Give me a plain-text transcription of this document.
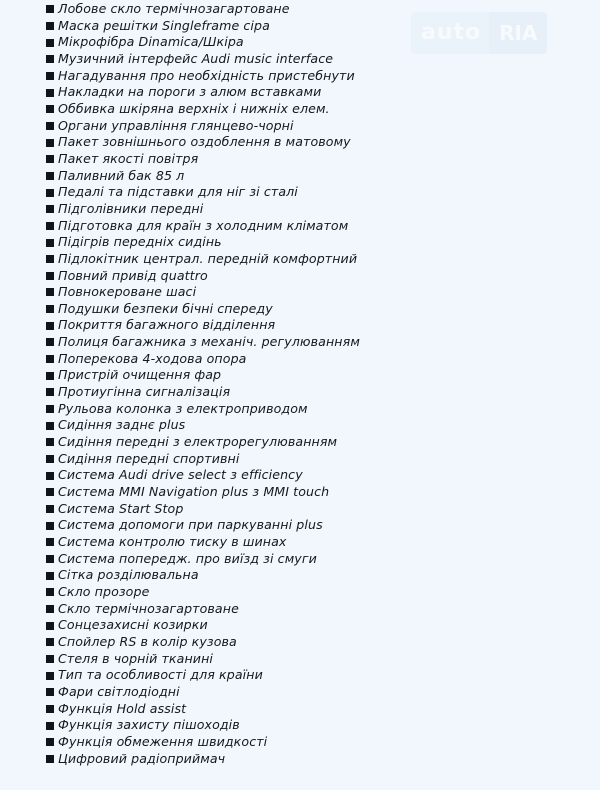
Лобове скло термічнозагартоване
Маска решітки Singleframe сіра
Мікрофібра Dinamica/Шкіра
Музичний інтерфейс Audi music interface
Нагадування про необхідність пристебнути
Накладки на пороги з алюм вставками
Оббивка шкіряна верхніх і нижніх елем.
Органи управління глянцево-чорні
Пакет зовнішнього оздоблення в матовому
Пакет якості повітря
Паливний бак 85 л
Педалі та підставки для ніг зі сталі
Підголівники передні
Підготовка для країн з холодним кліматом
Підігрів передніх сидінь
Підлокітник централ. передній комфортний
Повний привід quattro
Повнокероване шасі
Подушки безпеки бічні спереду
Покриття багажного відділення
Полиця багажника з механіч. регулюванням
Поперекова 4-ходова опора
Пристрій очищення фар
Протиугінна сигналізація
Рульова колонка з електроприводом
Сидіння заднє plus
Сидіння передні з електрорегулюванням
Сидіння передні спортивні
Система Audi drive select з efficiency
Система MMI Navigation plus з MMI touch
Система Start Stop
Система допомоги при паркуванні plus
Система контролю тиску в шинах
Система попередж. про виїзд зі смуги
Сітка розділювальна
Скло прозоре
Скло термічнозагартоване
Сонцезахисні козирки
Спойлер RS в колір кузова
Стеля в чорній тканині
Тип та особливості для країни
Фари світлодіодні
Функція Hold assist
Функція захисту пішоходів
Функція обмеження швидкості
Цифровий радіоприймач
auto RIA
